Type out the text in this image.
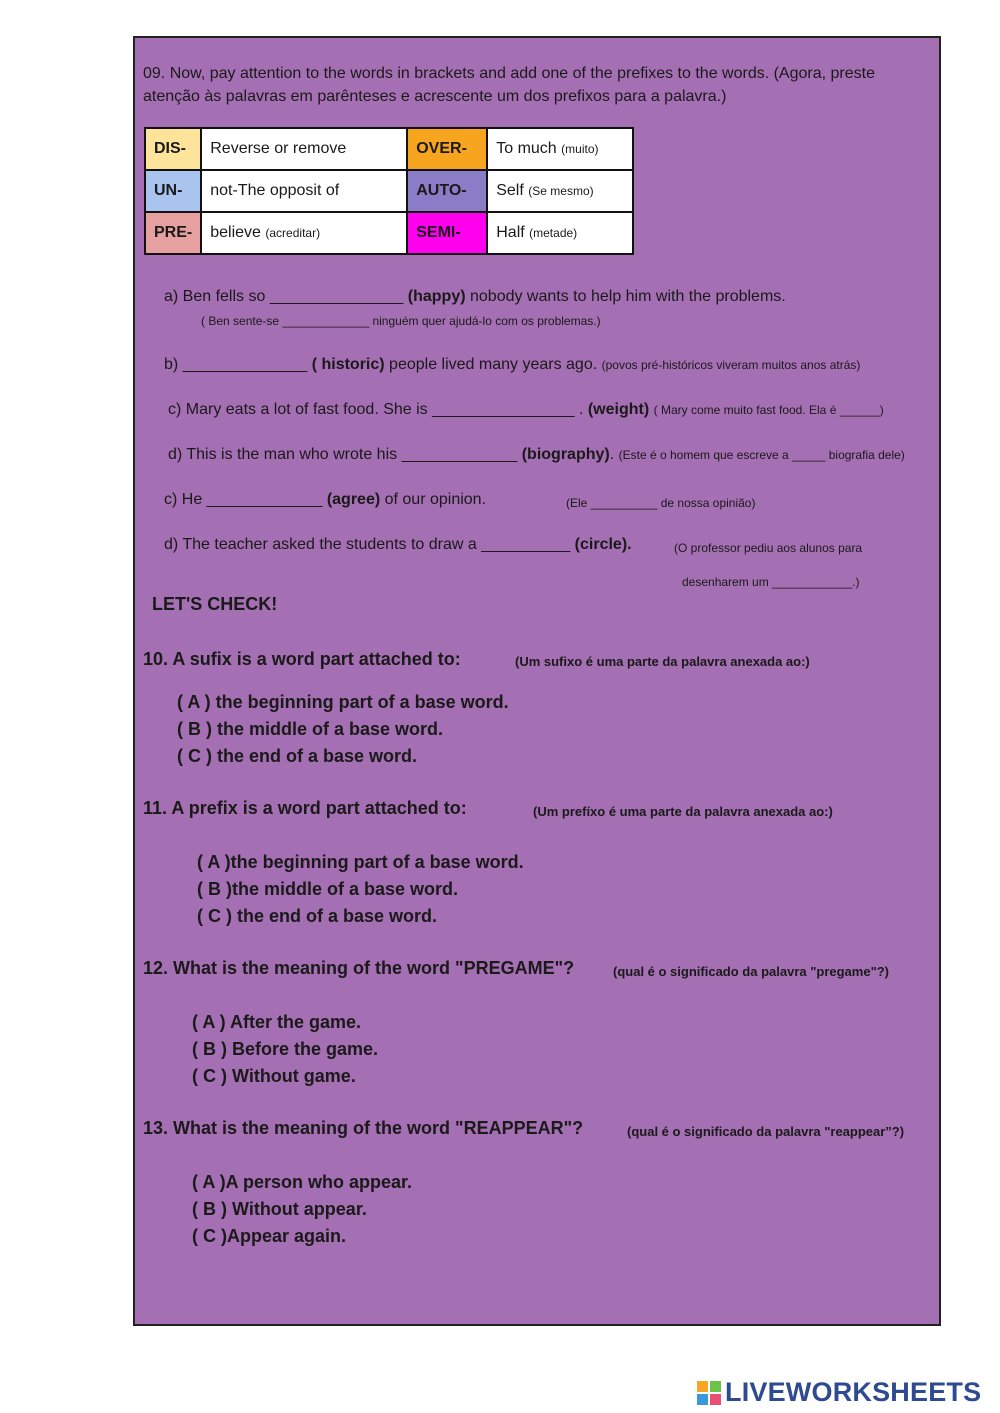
09. Now, pay attention to the words in brackets and add one of the prefixes to the words. (Agora, preste atenção às palavras em parênteses e acrescente um dos prefixos para a palavra.)
DIS-	Reverse or remove	OVER-	To much (muito)
UN-	not-The opposit of	AUTO-	Self (Se mesmo)
PRE-	believe (acreditar)	SEMI-	Half (metade)
a) Ben fells so _______________ (happy) nobody wants to help him with the problems.
( Ben sente-se _____________ ninguém quer ajudá-lo com os problemas.)
b) ______________ ( historic) people lived many years ago. (povos pré-históricos viveram muitos anos atrás)
c) Mary eats a lot of fast food. She is ________________ . (weight) ( Mary come muito fast food. Ela é ______)
d) This is the man who wrote his _____________ (biography). (Este é o homem que escreve a _____ biografia dele)
c) He _____________ (agree) of our opinion.	(Ele __________ de nossa opinião)
d) The teacher asked the students to draw a __________ (circle).	(O professor pediu aos alunos para
desenharem um ____________.)
LET'S CHECK!
10. A sufix is a word part attached to:	(Um sufixo é uma parte da palavra anexada ao:)
( A ) the beginning part of a base word.
( B ) the middle of a base word.
( C ) the end of a base word.
11. A prefix is a word part attached to:	(Um prefíxo é uma parte da palavra anexada ao:)
( A )the beginning part of a base word.
( B )the middle of a base word.
( C ) the end of a base word.
12. What is the meaning of the word "PREGAME"?	(qual é o significado da palavra "pregame"?)
( A ) After the game.
( B ) Before the game.
( C ) Without game.
13. What is the meaning of the word "REAPPEAR"?	(qual é o significado da palavra "reappear”?)
( A )A person who appear.
( B ) Without appear.
( C )Appear again.
LIVEWORKSHEETS
